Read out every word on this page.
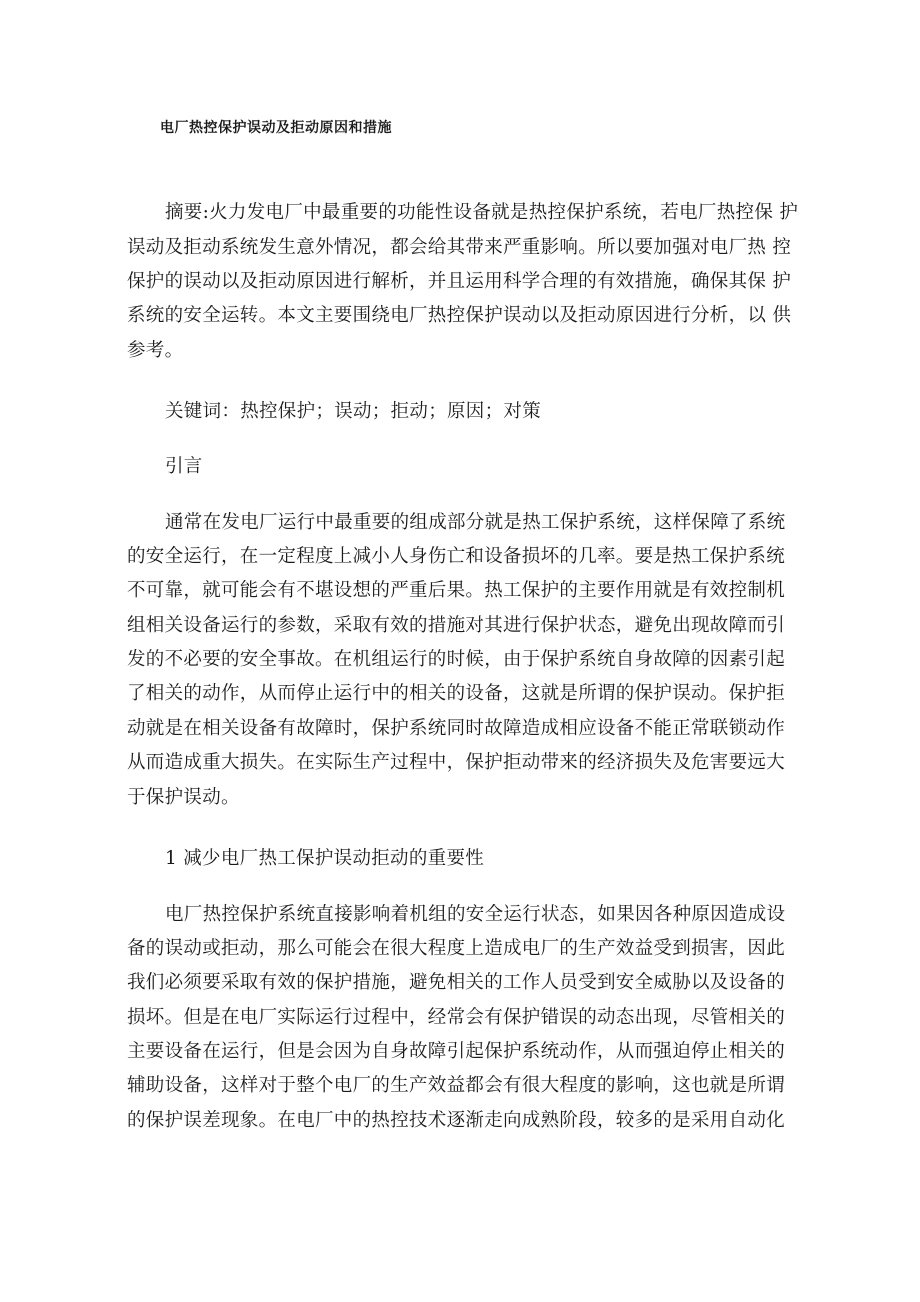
电厂热控保护误动及拒动原因和措施
摘要:火力发电厂中最重要的功能性设备就是热控保护系统，若电厂热控保 护
误动及拒动系统发生意外情况，都会给其带来严重影响。所以要加强对电厂热 控
保护的误动以及拒动原因进行解析，并且运用科学合理的有效措施，确保其保 护
系统的安全运转。本文主要围绕电厂热控保护误动以及拒动原因进行分析，以 供
参考。
关键词：热控保护；误动；拒动；原因；对策
引言
通常在发电厂运行中最重要的组成部分就是热工保护系统，这样保障了系统
的安全运行，在一定程度上减小人身伤亡和设备损坏的几率。要是热工保护系统
不可靠，就可能会有不堪设想的严重后果。热工保护的主要作用就是有效控制机
组相关设备运行的参数，采取有效的措施对其进行保护状态，避免出现故障而引
发的不必要的安全事故。在机组运行的时候，由于保护系统自身故障的因素引起
了相关的动作，从而停止运行中的相关的设备，这就是所谓的保护误动。保护拒
动就是在相关设备有故障时，保护系统同时故障造成相应设备不能正常联锁动作
从而造成重大损失。在实际生产过程中，保护拒动带来的经济损失及危害要远大
于保护误动。
1 减少电厂热工保护误动拒动的重要性
电厂热控保护系统直接影响着机组的安全运行状态，如果因各种原因造成设
备的误动或拒动，那么可能会在很大程度上造成电厂的生产效益受到损害，因此
我们必须要采取有效的保护措施，避免相关的工作人员受到安全威胁以及设备的
损坏。但是在电厂实际运行过程中，经常会有保护错误的动态出现，尽管相关的
主要设备在运行，但是会因为自身故障引起保护系统动作，从而强迫停止相关的
辅助设备，这样对于整个电厂的生产效益都会有很大程度的影响，这也就是所谓
的保护误差现象。在电厂中的热控技术逐渐走向成熟阶段，较多的是采用自动化
